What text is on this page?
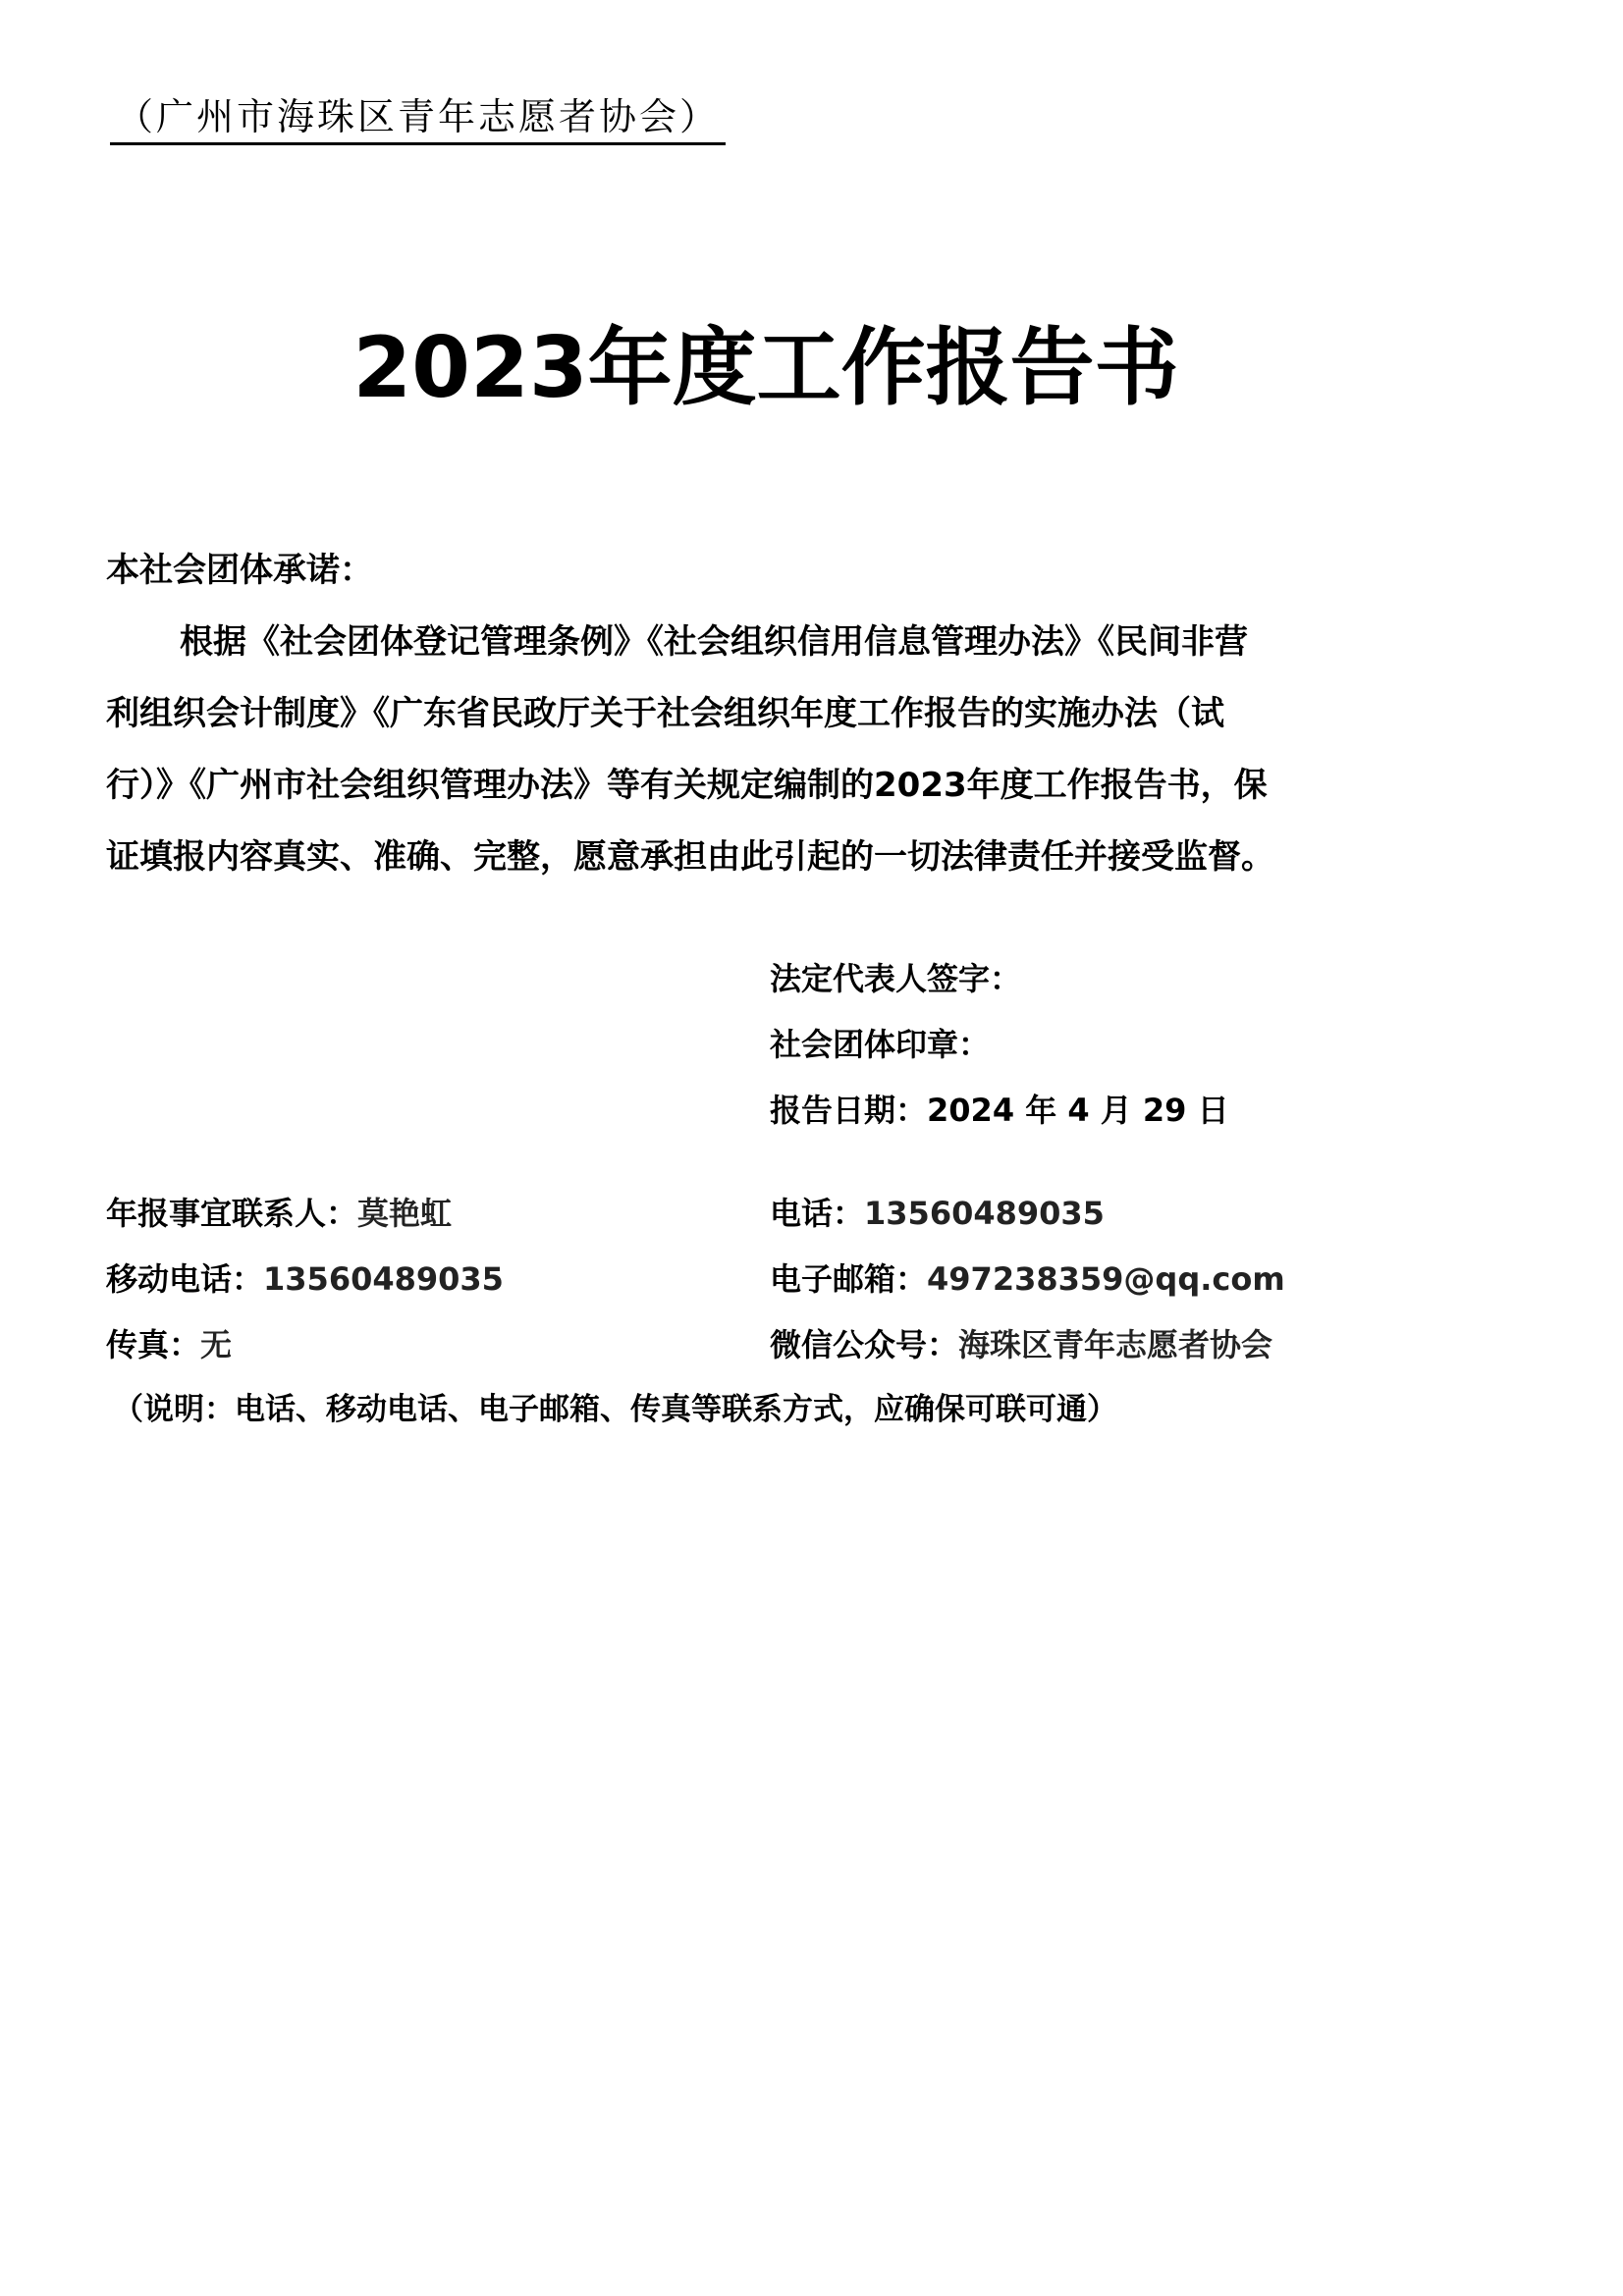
（广州市海珠区青年志愿者协会）
2023年度工作报告书
本社会团体承诺：
根据《社会团体登记管理条例》《社会组织信用信息管理办法》《民间非营
利组织会计制度》《广东省民政厅关于社会组织年度工作报告的实施办法（试
行）》《广州市社会组织管理办法》等有关规定编制的2023年度工作报告书，保
证填报内容真实、准确、完整，愿意承担由此引起的一切法律责任并接受监督。
法定代表人签字：
社会团体印章：
报告日期：2024 年 4 月 29 日
年报事宜联系人：莫艳虹	电话：13560489035
移动电话：13560489035	电子邮箱：497238359@qq.com
传真：无	微信公众号：海珠区青年志愿者协会
（说明：电话、移动电话、电子邮箱、传真等联系方式，应确保可联可通）
